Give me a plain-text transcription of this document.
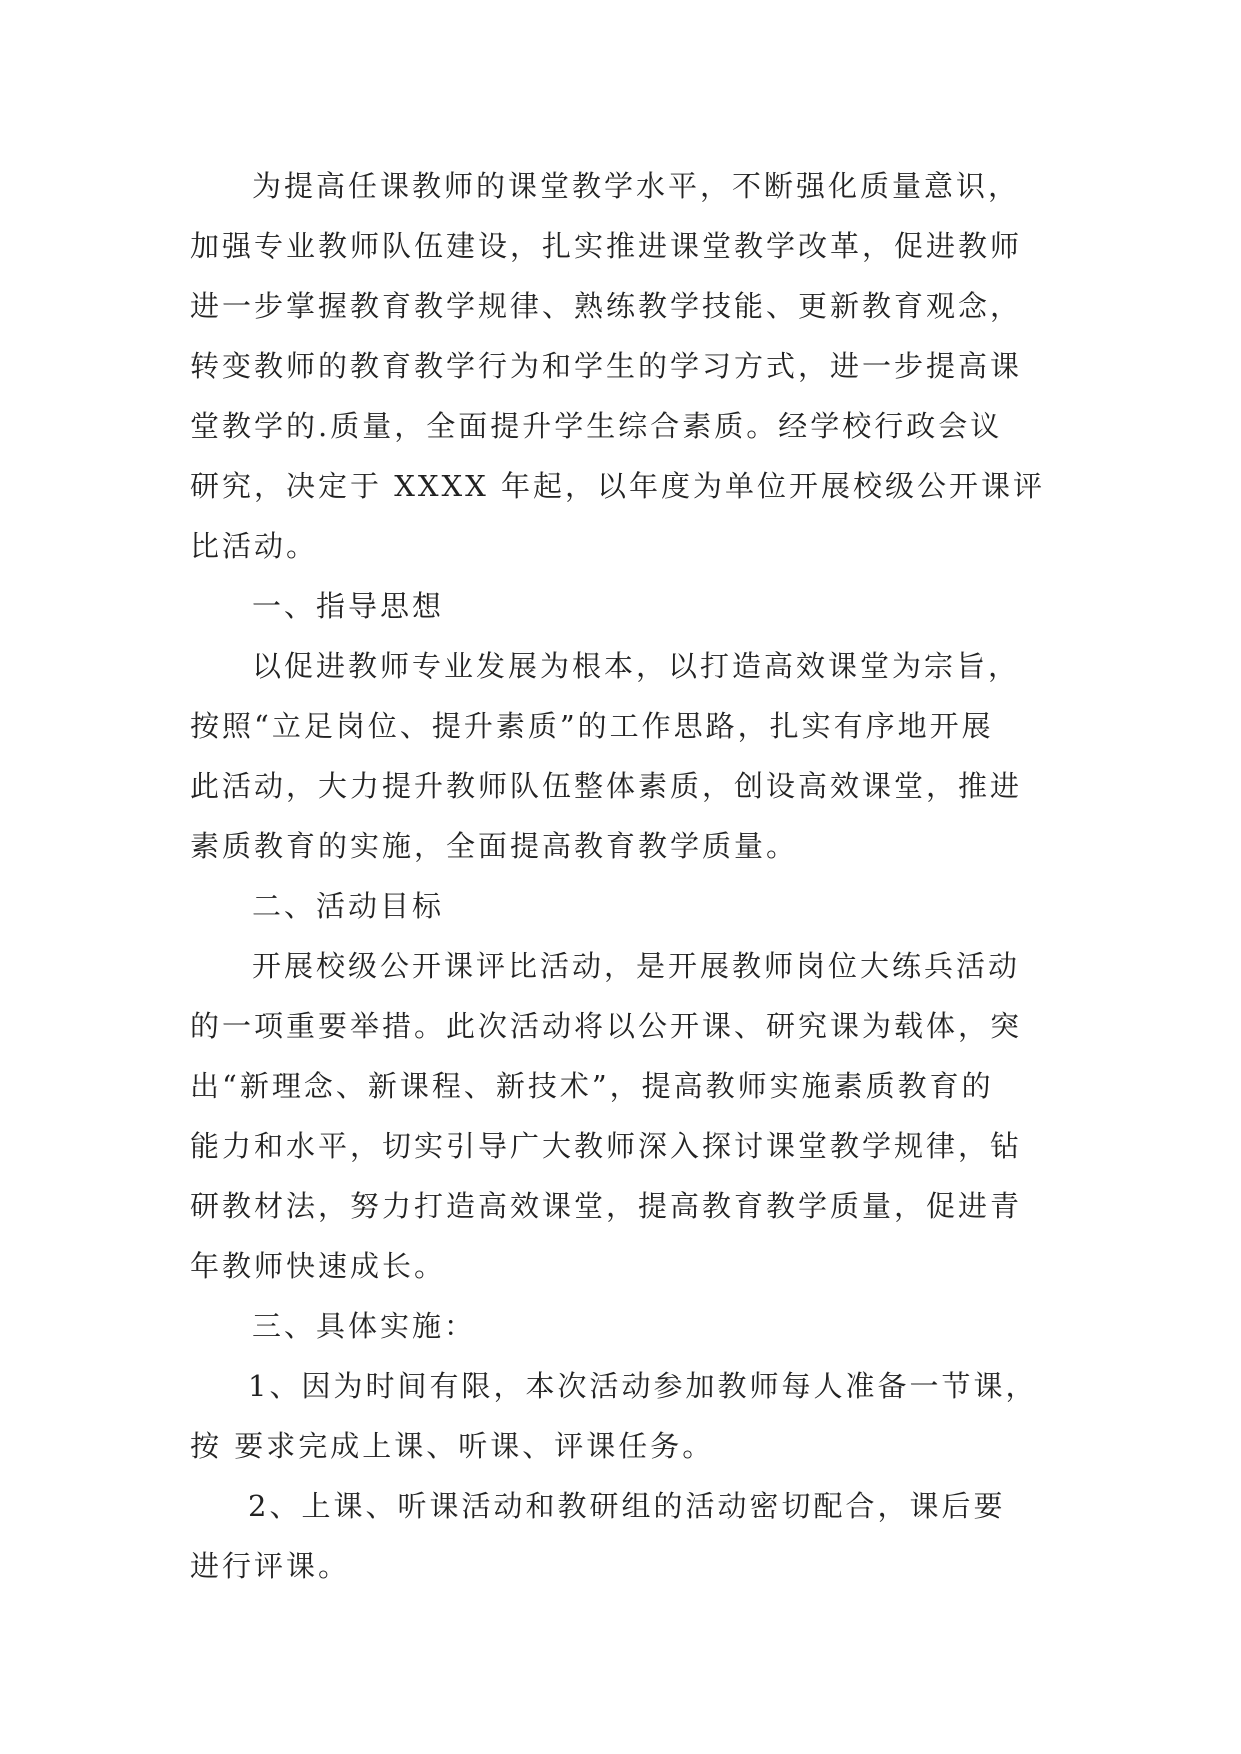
为提高任课教师的课堂教学水平，不断强化质量意识，
加强专业教师队伍建设，扎实推进课堂教学改革，促进教师
进一步掌握教育教学规律、熟练教学技能、更新教育观念，
转变教师的教育教学行为和学生的学习方式，进一步提高课
堂教学的.质量，全面提升学生综合素质。经学校行政会议
研究，决定于 XXXX 年起，以年度为单位开展校级公开课评
比活动。
一、指导思想
以促进教师专业发展为根本，以打造高效课堂为宗旨，
按照“立足岗位、提升素质”的工作思路，扎实有序地开展
此活动，大力提升教师队伍整体素质，创设高效课堂，推进
素质教育的实施，全面提高教育教学质量。
二、活动目标
开展校级公开课评比活动，是开展教师岗位大练兵活动
的一项重要举措。此次活动将以公开课、研究课为载体，突
出“新理念、新课程、新技术”，提高教师实施素质教育的
能力和水平，切实引导广大教师深入探讨课堂教学规律，钻
研教材法，努力打造高效课堂，提高教育教学质量，促进青
年教师快速成长。
三、具体实施：
1、因为时间有限，本次活动参加教师每人准备一节课，
按 要求完成上课、听课、评课任务。
2、上课、听课活动和教研组的活动密切配合，课后要
进行评课。
